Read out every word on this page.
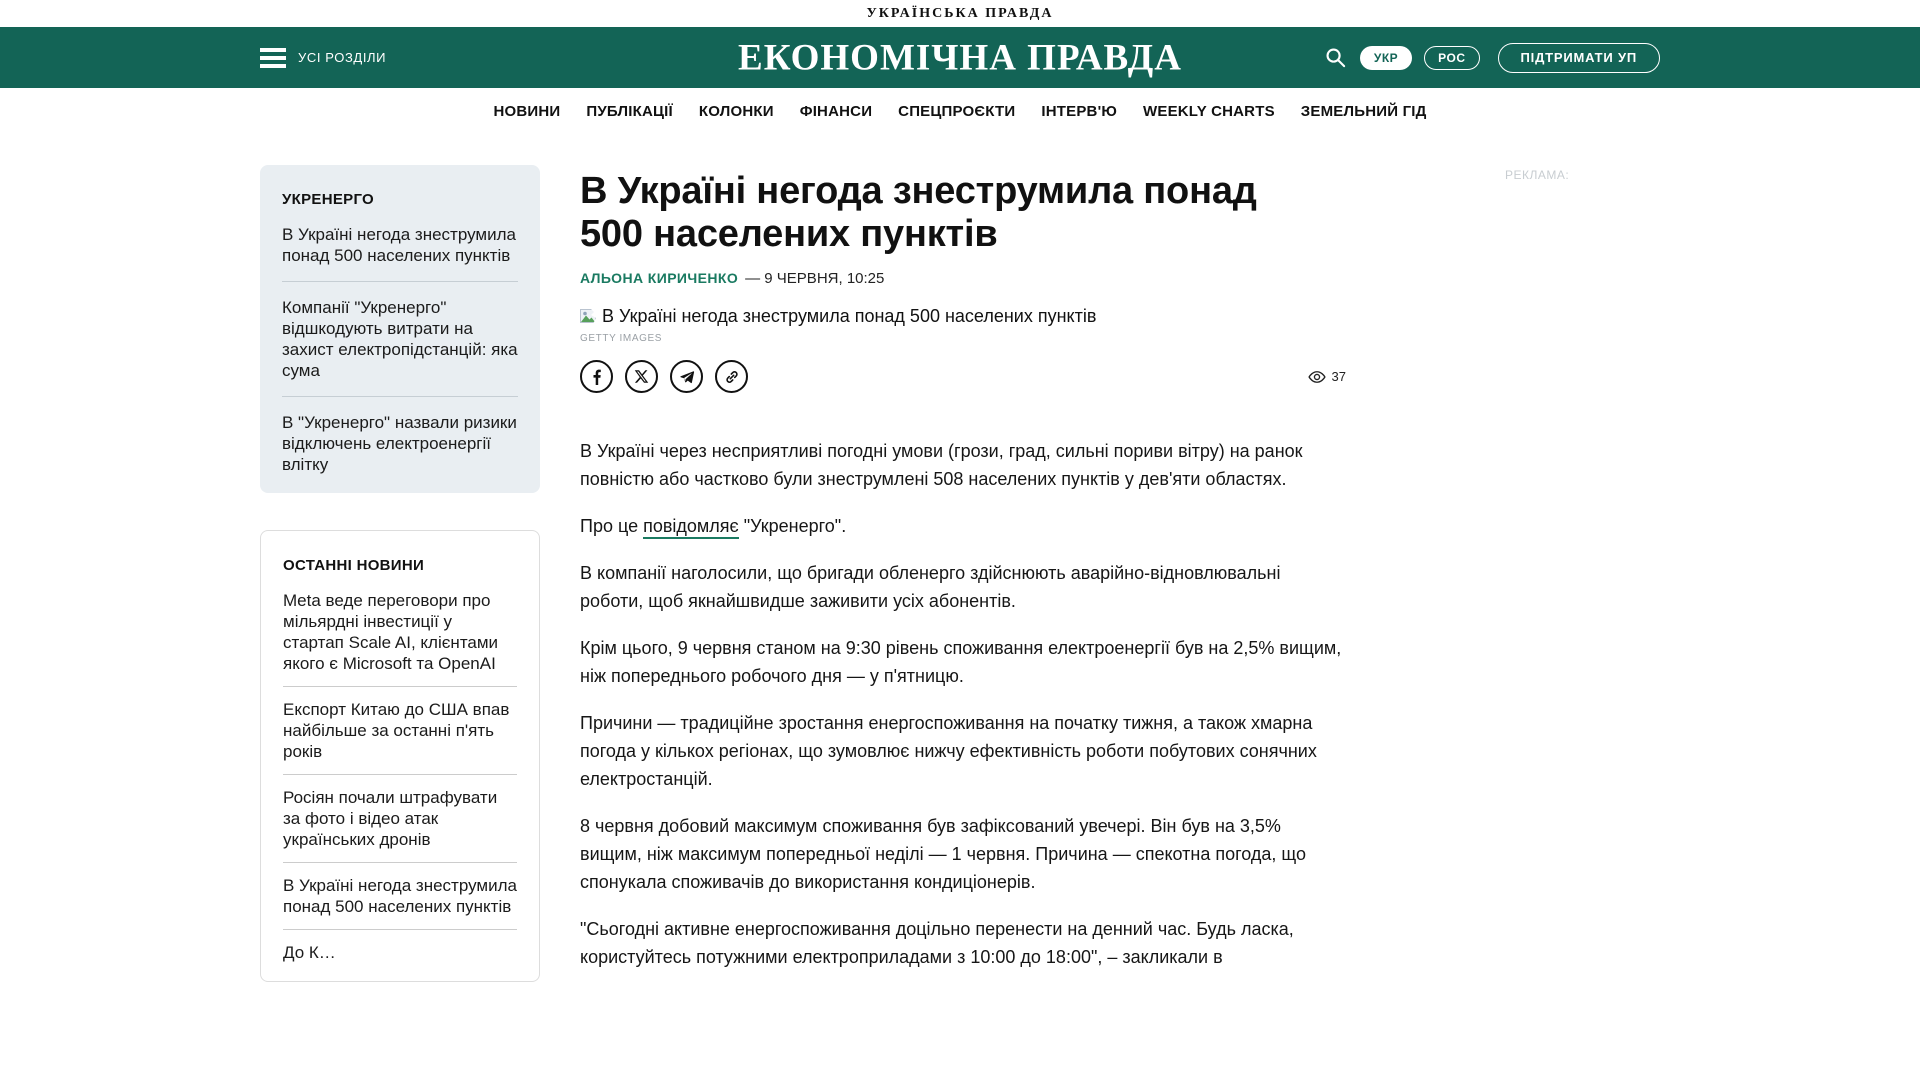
УКРАЇНСЬКА ПРАВДА
УСІ РОЗДІЛИ	ЕКОНОМІЧНА ПРАВДА	УКР	РОС	ПІДТРИМАТИ УП
НОВИНИ ПУБЛІКАЦІЇ КОЛОНКИ ФІНАНСИ СПЕЦПРОЄКТИ ІНТЕРВ'Ю WEEKLY CHARTS ЗЕМЕЛЬНИЙ ГІД
УКРЕНЕРГО
В Україні негода знеструмила понад 500 населених пунктів
Компанії "Укренерго" відшкодують витрати на захист електропідстанцій: яка сума
В "Укренерго" назвали ризики відключень електроенергії влітку
ОСТАННІ НОВИНИ
Meta веде переговори про мільярдні інвестиції у стартап Scale AI, клієнтами якого є Microsoft та OpenAI
Експорт Китаю до США впав найбільше за останні п'ять років
Росіян почали штрафувати за фото і відео атак українських дронів
В Україні негода знеструмила понад 500 населених пунктів
До К…
В Україні негода знеструмила понад 500 населених пунктів
АЛЬОНА КИРИЧЕНКО — 9 ЧЕРВНЯ, 10:25
В Україні негода знеструмила понад 500 населених пунктів
GETTY IMAGES
37

В Україні через несприятливі погодні умови (грози, град, сильні пориви вітру) на ранок повністю або частково були знеструмлені 508 населених пунктів у дев'яти областях.

Про це повідомляє "Укренерго".

В компанії наголосили, що бригади обленерго здійснюють аварійно-відновлювальні роботи, щоб якнайшвидше заживити усіх абонентів.

Крім цього, 9 червня станом на 9:30 рівень споживання електроенергії був на 2,5% вищим, ніж попереднього робочого дня — у п'ятницю.

Причини — традиційне зростання енергоспоживання на початку тижня, а також хмарна погода у кількох регіонах, що зумовлює нижчу ефективність роботи побутових сонячних електростанцій.

8 червня добовий максимум споживання був зафіксований увечері. Він був на 3,5% вищим, ніж максимум попередньої неділі — 1 червня. Причина — спекотна погода, що спонукала споживачів до використання кондиціонерів.

"Сьогодні активне енергоспоживання доцільно перенести на денний час. Будь ласка, користуйтесь потужними електроприладами з 10:00 до 18:00", – закликали в

РЕКЛАМА:
